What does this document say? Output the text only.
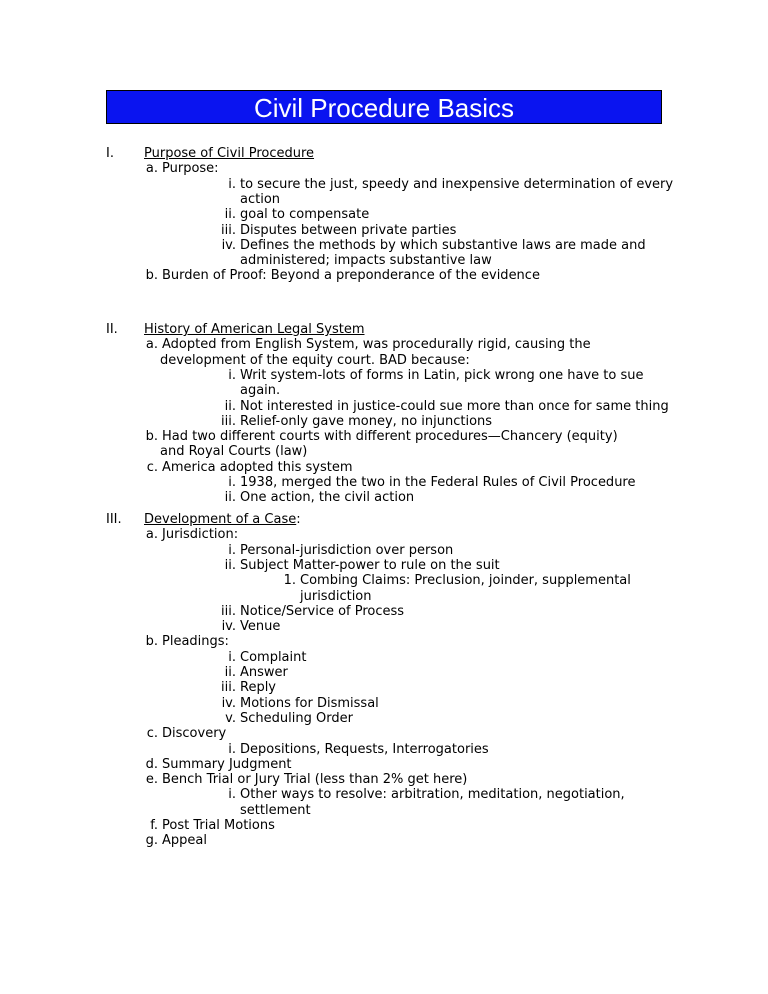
Civil Procedure Basics
I. Purpose of Civil Procedure
a. Purpose:
i. to secure the just, speedy and inexpensive determination of every
action
ii. goal to compensate
iii. Disputes between private parties
iv. Defines the methods by which substantive laws are made and
administered; impacts substantive law
b. Burden of Proof: Beyond a preponderance of the evidence
II. History of American Legal System
a. Adopted from English System, was procedurally rigid, causing the
development of the equity court. BAD because:
i. Writ system-lots of forms in Latin, pick wrong one have to sue
again.
ii. Not interested in justice-could sue more than once for same thing
iii. Relief-only gave money, no injunctions
b. Had two different courts with different procedures—Chancery (equity)
and Royal Courts (law)
c. America adopted this system
i. 1938, merged the two in the Federal Rules of Civil Procedure
ii. One action, the civil action
III. Development of a Case:
a. Jurisdiction:
i. Personal-jurisdiction over person
ii. Subject Matter-power to rule on the suit
1. Combing Claims: Preclusion, joinder, supplemental
jurisdiction
iii. Notice/Service of Process
iv. Venue
b. Pleadings:
i. Complaint
ii. Answer
iii. Reply
iv. Motions for Dismissal
v. Scheduling Order
c. Discovery
i. Depositions, Requests, Interrogatories
d. Summary Judgment
e. Bench Trial or Jury Trial (less than 2% get here)
i. Other ways to resolve: arbitration, meditation, negotiation,
settlement
f. Post Trial Motions
g. Appeal
